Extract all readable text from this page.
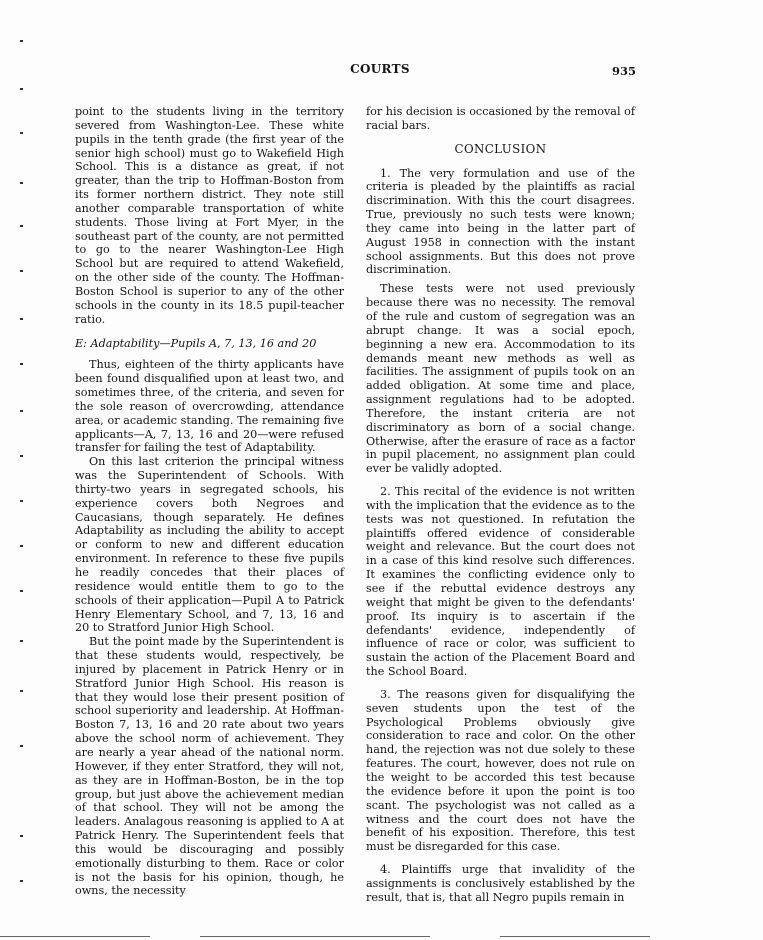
COURTS	935

point to the students living in the territory severed from Washington-Lee. These white pupils in the tenth grade (the first year of the senior high school) must go to Wakefield High School. This is a distance as great, if not greater, than the trip to Hoffman-Boston from its former northern district. They note still another comparable transportation of white students. Those living at Fort Myer, in the southeast part of the county, are not permitted to go to the nearer Washington-Lee High School but are required to attend Wakefield, on the other side of the county. The Hoffman-Boston School is superior to any of the other schools in the county in its 18.5 pupil-teacher ratio.

E: Adaptability—Pupils A, 7, 13, 16 and 20

Thus, eighteen of the thirty applicants have been found disqualified upon at least two, and sometimes three, of the criteria, and seven for the sole reason of overcrowding, attendance area, or academic standing. The remaining five applicants—A, 7, 13, 16 and 20—were refused transfer for failing the test of Adaptability.

On this last criterion the principal witness was the Superintendent of Schools. With thirty-two years in segregated schools, his experience covers both Negroes and Caucasians, though separately. He defines Adaptability as including the ability to accept or conform to new and different education environment. In reference to these five pupils he readily concedes that their places of residence would entitle them to go to the schools of their application—Pupil A to Patrick Henry Elementary School, and 7, 13, 16 and 20 to Stratford Junior High School.

But the point made by the Superintendent is that these students would, respectively, be injured by placement in Patrick Henry or in Stratford Junior High School. His reason is that they would lose their present position of school superiority and leadership. At Hoffman-Boston 7, 13, 16 and 20 rate about two years above the school norm of achievement. They are nearly a year ahead of the national norm. However, if they enter Stratford, they will not, as they are in Hoffman-Boston, be in the top group, but just above the achievement median of that school. They will not be among the leaders. Analagous reasoning is applied to A at Patrick Henry. The Superintendent feels that this would be discouraging and possibly emotionally disturbing to them. Race or color is not the basis for his opinion, though, he owns, the necessity

for his decision is occasioned by the removal of racial bars.

CONCLUSION

1. The very formulation and use of the criteria is pleaded by the plaintiffs as racial discrimination. With this the court disagrees. True, previously no such tests were known; they came into being in the latter part of August 1958 in connection with the instant school assignments. But this does not prove discrimination.

These tests were not used previously because there was no necessity. The removal of the rule and custom of segregation was an abrupt change. It was a social epoch, beginning a new era. Accommodation to its demands meant new methods as well as facilities. The assignment of pupils took on an added obligation. At some time and place, assignment regulations had to be adopted. Therefore, the instant criteria are not discriminatory as born of a social change. Otherwise, after the erasure of race as a factor in pupil placement, no assignment plan could ever be validly adopted.

2. This recital of the evidence is not written with the implication that the evidence as to the tests was not questioned. In refutation the plaintiffs offered evidence of considerable weight and relevance. But the court does not in a case of this kind resolve such differences. It examines the conflicting evidence only to see if the rebuttal evidence destroys any weight that might be given to the defendants' proof. Its inquiry is to ascertain if the defendants' evidence, independently of influence of race or color, was sufficient to sustain the action of the Placement Board and the School Board.

3. The reasons given for disqualifying the seven students upon the test of the Psychological Problems obviously give consideration to race and color. On the other hand, the rejection was not due solely to these features. The court, however, does not rule on the weight to be accorded this test because the evidence before it upon the point is too scant. The psychologist was not called as a witness and the court does not have the benefit of his exposition. Therefore, this test must be disregarded for this case.

4. Plaintiffs urge that invalidity of the assignments is conclusively established by the result, that is, that all Negro pupils remain in
